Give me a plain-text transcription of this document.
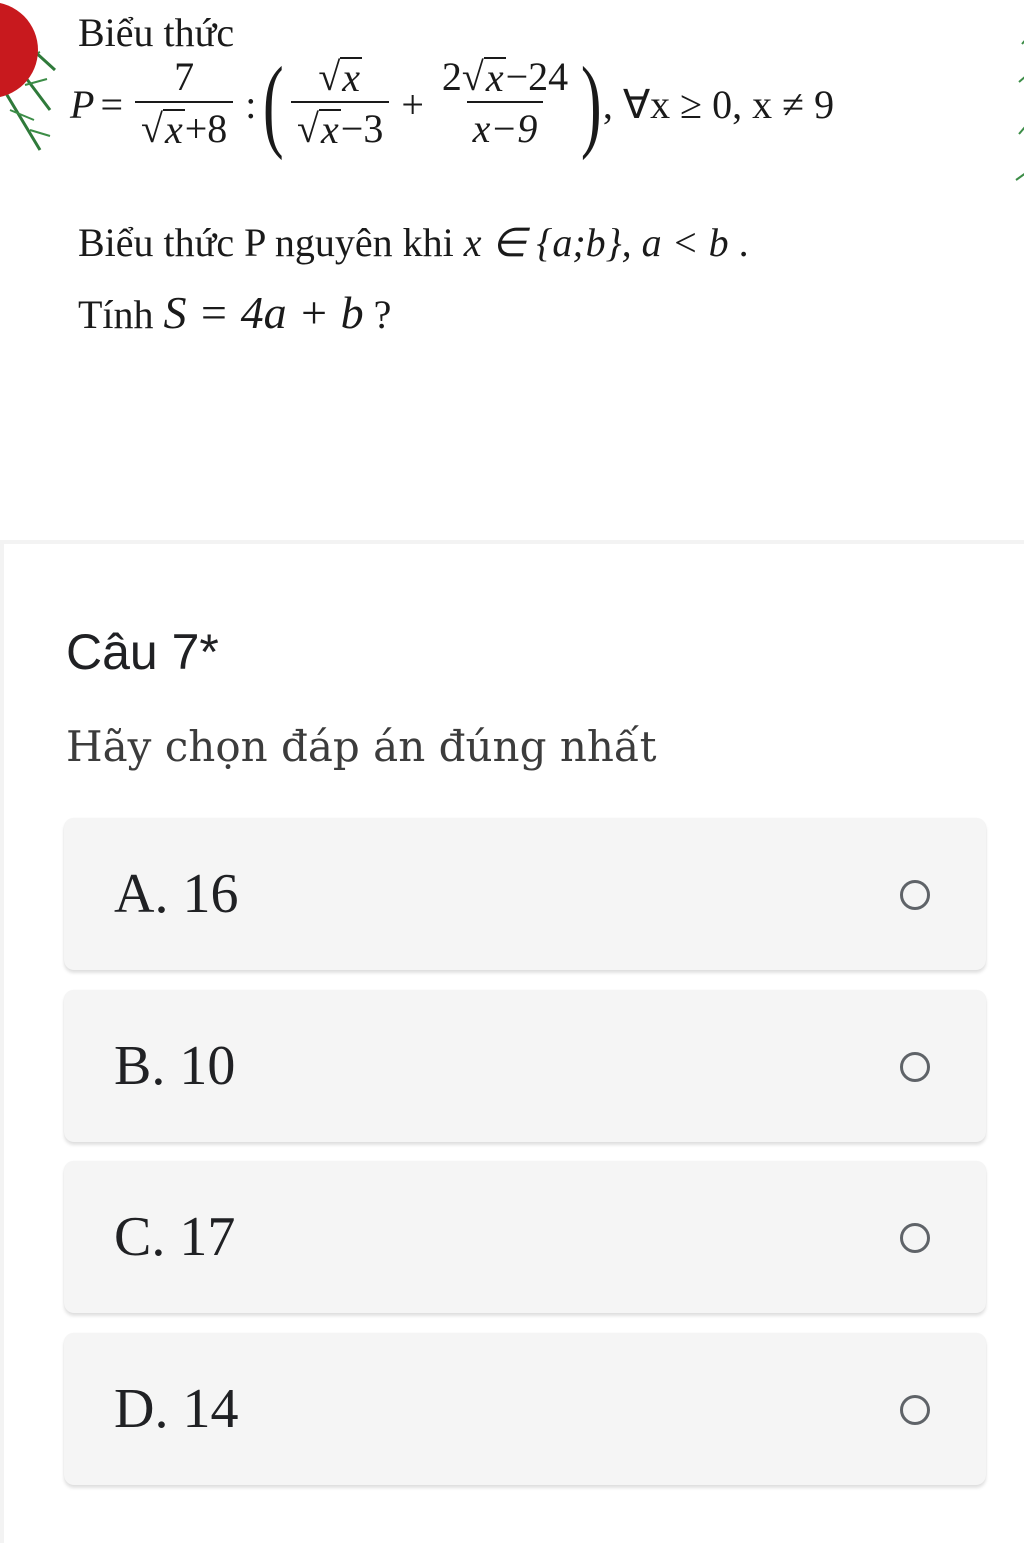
Biểu thức
$P = \frac{7}{√ x +8}$ : ( $\frac{√ x}{√ x -3} + \frac{2 √ x -24}{x-9}$ ) , ∀x ≥ 0, x ≠ 9
Biểu thức P nguyên khi x ∈ {a;b}, a < b .
Tính S = 4a + b ?
Câu 7*
Hãy chọn đáp án đúng nhất
A. 16
B. 10
C. 17
D. 14
